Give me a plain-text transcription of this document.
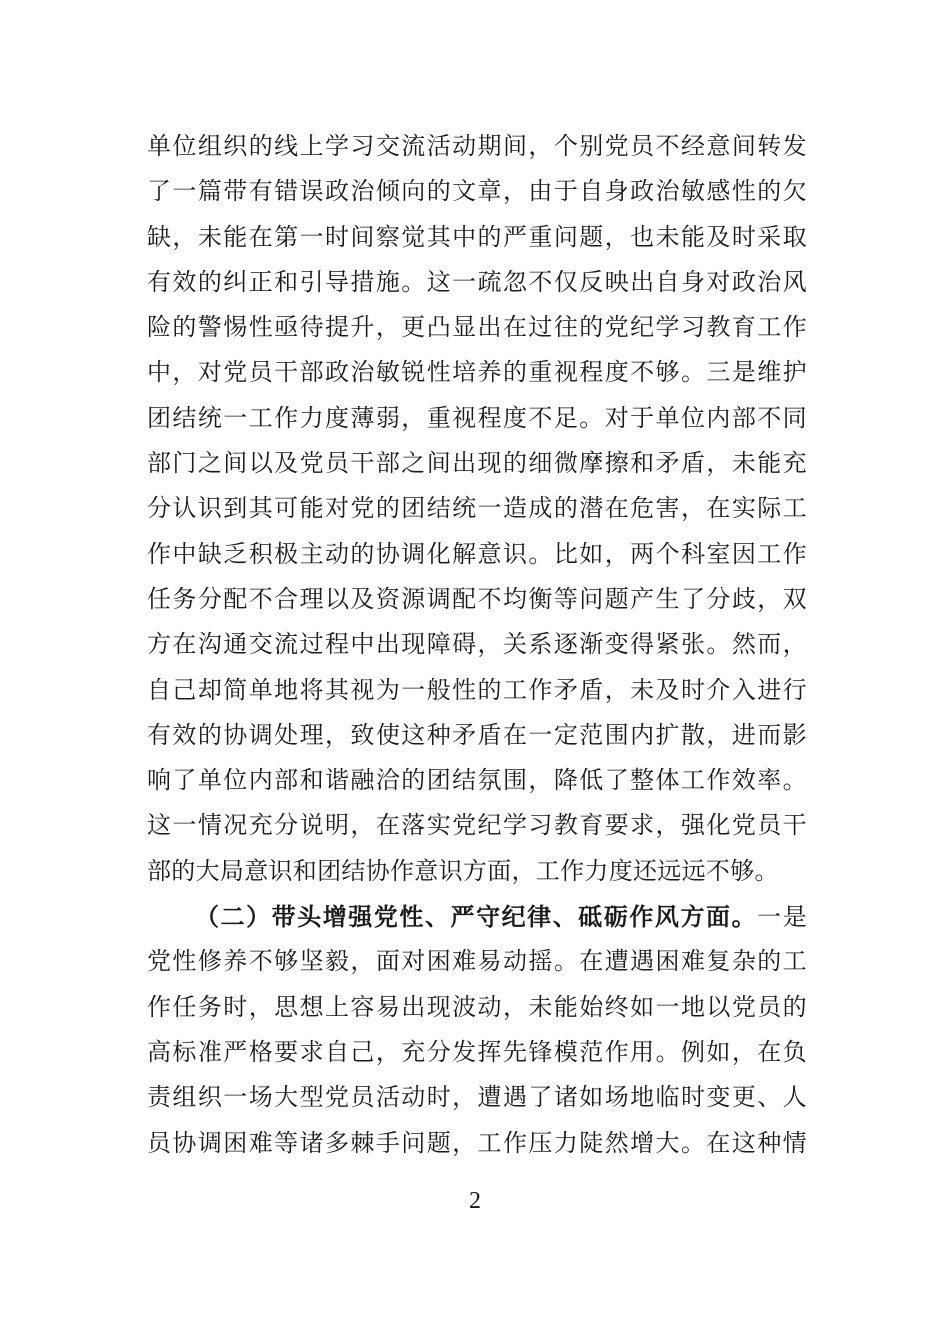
单位组织的线上学习交流活动期间，个别党员不经意间转发
了一篇带有错误政治倾向的文章，由于自身政治敏感性的欠
缺，未能在第一时间察觉其中的严重问题，也未能及时采取
有效的纠正和引导措施。这一疏忽不仅反映出自身对政治风
险的警惕性亟待提升，更凸显出在过往的党纪学习教育工作
中，对党员干部政治敏锐性培养的重视程度不够。三是维护
团结统一工作力度薄弱，重视程度不足。对于单位内部不同
部门之间以及党员干部之间出现的细微摩擦和矛盾，未能充
分认识到其可能对党的团结统一造成的潜在危害，在实际工
作中缺乏积极主动的协调化解意识。比如，两个科室因工作
任务分配不合理以及资源调配不均衡等问题产生了分歧，双
方在沟通交流过程中出现障碍，关系逐渐变得紧张。然而，
自己却简单地将其视为一般性的工作矛盾，未及时介入进行
有效的协调处理，致使这种矛盾在一定范围内扩散，进而影
响了单位内部和谐融洽的团结氛围，降低了整体工作效率。
这一情况充分说明，在落实党纪学习教育要求，强化党员干
部的大局意识和团结协作意识方面，工作力度还远远不够。
（二）带头增强党性、严守纪律、砥砺作风方面。一是
党性修养不够坚毅，面对困难易动摇。在遭遇困难复杂的工
作任务时，思想上容易出现波动，未能始终如一地以党员的
高标准严格要求自己，充分发挥先锋模范作用。例如，在负
责组织一场大型党员活动时，遭遇了诸如场地临时变更、人
员协调困难等诸多棘手问题，工作压力陡然增大。在这种情
2
